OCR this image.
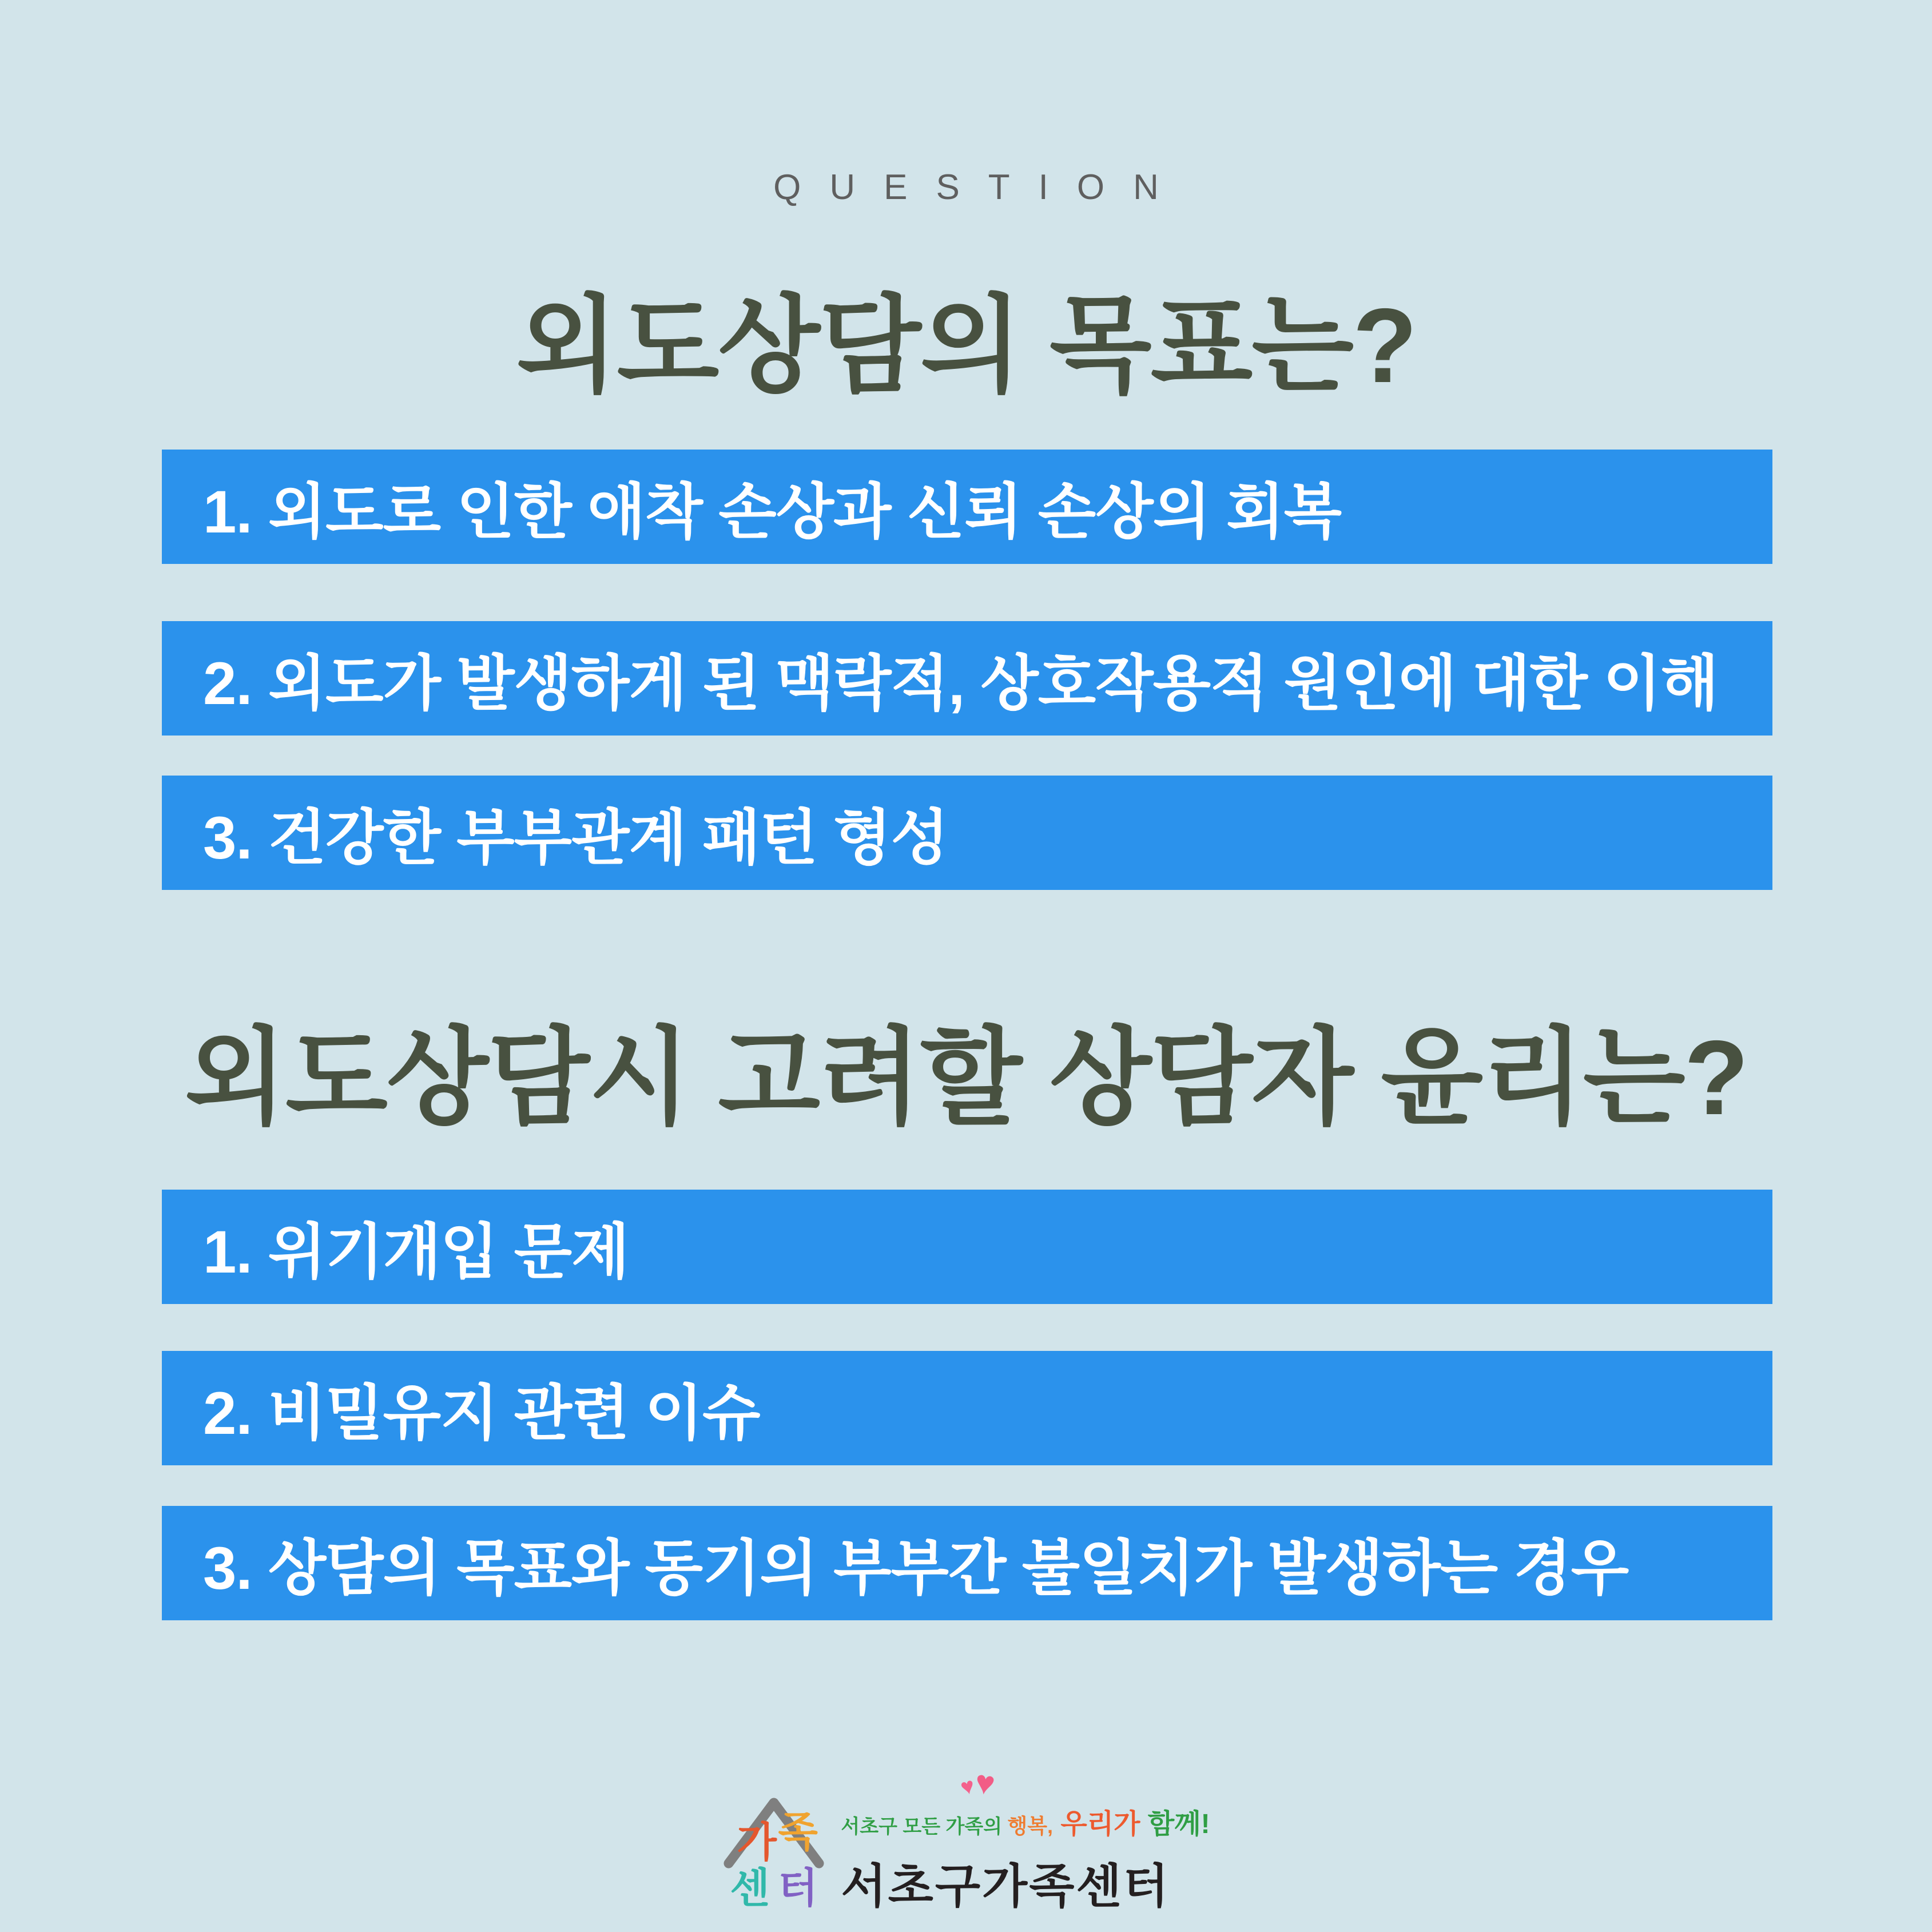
QUESTION
외도상담의 목표는?
1. 외도로 인한 애착 손상과 신뢰 손상의 회복
2. 외도가 발생하게 된 맥락적, 상호작용적 원인에 대한 이해
3. 건강한 부부관계 패턴 형성
외도상담시 고려할 상담자 윤리는?
1. 위기개입 문제
2. 비밀유지 관련 이슈
3. 상담의 목표와 동기의 부부간 불일치가 발생하는 경우
가 족
센 터
♥ ♥
서초구 모든 가족의 행복, 우리가 함께!
서초구가족센터
